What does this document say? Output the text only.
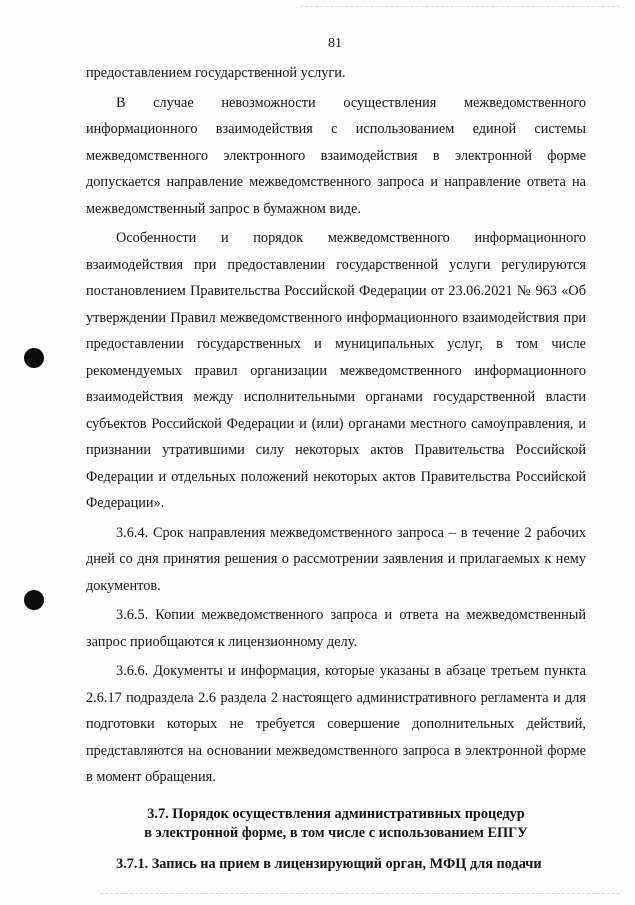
81

предоставлением государственной услуги.

В случае невозможности осуществления межведомственного информационного взаимодействия с использованием единой системы межведомственного электронного взаимодействия в электронной форме допускается направление межведомственного запроса и направление ответа на межведомственный запрос в бумажном виде.

Особенности и порядок межведомственного информационного взаимодействия при предоставлении государственной услуги регулируются постановлением Правительства Российской Федерации от 23.06.2021 № 963 «Об утверждении Правил межведомственного информационного взаимодействия при предоставлении государственных и муниципальных услуг, в том числе рекомендуемых правил организации межведомственного информационного взаимодействия между исполнительными органами государственной власти субъектов Российской Федерации и (или) органами местного самоуправления, и признании утратившими силу некоторых актов Правительства Российской Федерации и отдельных положений некоторых актов Правительства Российской Федерации».

3.6.4. Срок направления межведомственного запроса – в течение 2 рабочих дней со дня принятия решения о рассмотрении заявления и прилагаемых к нему документов.

3.6.5. Копии межведомственного запроса и ответа на межведомственный запрос приобщаются к лицензионному делу.

3.6.6. Документы и информация, которые указаны в абзаце третьем пункта 2.6.17 подраздела 2.6 раздела 2 настоящего административного регламента и для подготовки которых не требуется совершение дополнительных действий, представляются на основании межведомственного запроса в электронной форме в момент обращения.

3.7. Порядок осуществления административных процедур
в электронной форме, в том числе с использованием ЕПГУ

3.7.1. Запись на прием в лицензирующий орган, МФЦ для подачи
